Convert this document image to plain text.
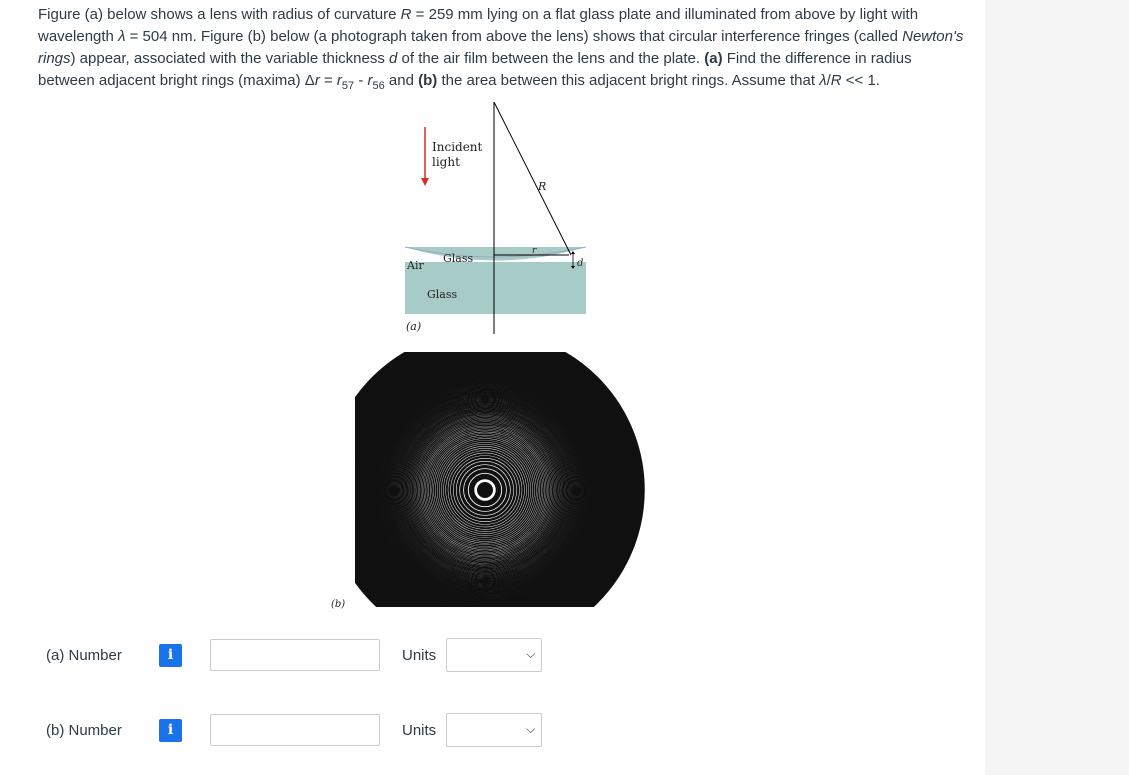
Figure (a) below shows a lens with radius of curvature R = 259 mm lying on a flat glass plate and illuminated from above by light with wavelength λ = 504 nm. Figure (b) below (a photograph taken from above the lens) shows that circular interference fringes (called Newton's rings) appear, associated with the variable thickness d of the air film between the lens and the plate. (a) Find the difference in radius between adjacent bright rings (maxima) $\Delta r = r_{57} - r_{56}$ and (b) the area between this adjacent bright rings. Assume that λ/R << 1.
Incident
light
R
r
Glass
Glass
Air	d
(a)
(b)
(a) Number	i	Units	⌵
(b) Number	i	Units	⌵
